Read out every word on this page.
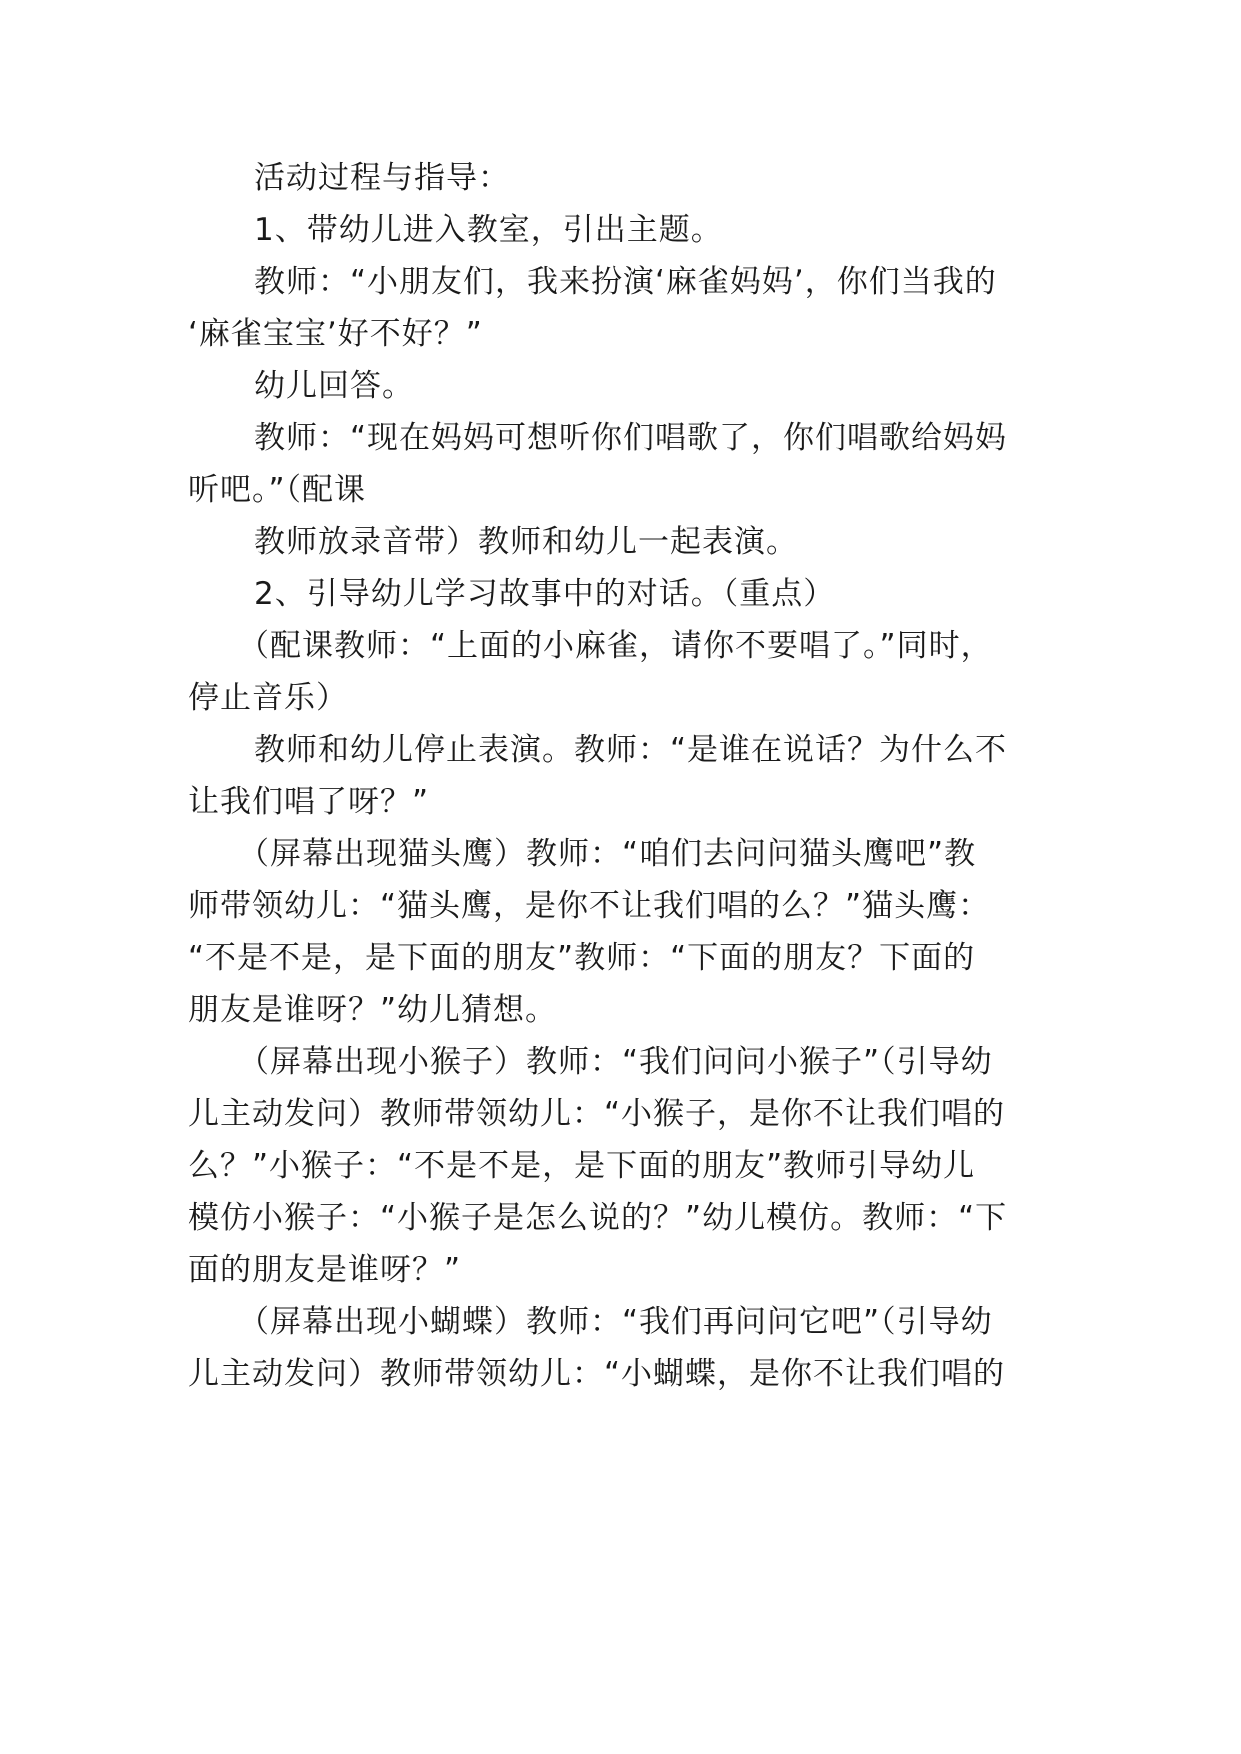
活动过程与指导：
1、带幼儿进入教室，引出主题。
教师：“小朋友们，我来扮演‘麻雀妈妈’，你们当我的
‘麻雀宝宝’好不好？”
幼儿回答。
教师：“现在妈妈可想听你们唱歌了，你们唱歌给妈妈
听吧。”（配课
教师放录音带）教师和幼儿一起表演。
2、引导幼儿学习故事中的对话。（重点）
（配课教师：“上面的小麻雀，请你不要唱了。”同时，
停止音乐）
教师和幼儿停止表演。教师：“是谁在说话？为什么不
让我们唱了呀？”
（屏幕出现猫头鹰）教师：“咱们去问问猫头鹰吧”教
师带领幼儿：“猫头鹰，是你不让我们唱的么？”猫头鹰：
“不是不是，是下面的朋友”教师：“下面的朋友？下面的
朋友是谁呀？”幼儿猜想。
（屏幕出现小猴子）教师：“我们问问小猴子”（引导幼
儿主动发问）教师带领幼儿：“小猴子，是你不让我们唱的
么？”小猴子：“不是不是，是下面的朋友”教师引导幼儿
模仿小猴子：“小猴子是怎么说的？”幼儿模仿。教师：“下
面的朋友是谁呀？”
（屏幕出现小蝴蝶）教师：“我们再问问它吧”（引导幼
儿主动发问）教师带领幼儿：“小蝴蝶，是你不让我们唱的
